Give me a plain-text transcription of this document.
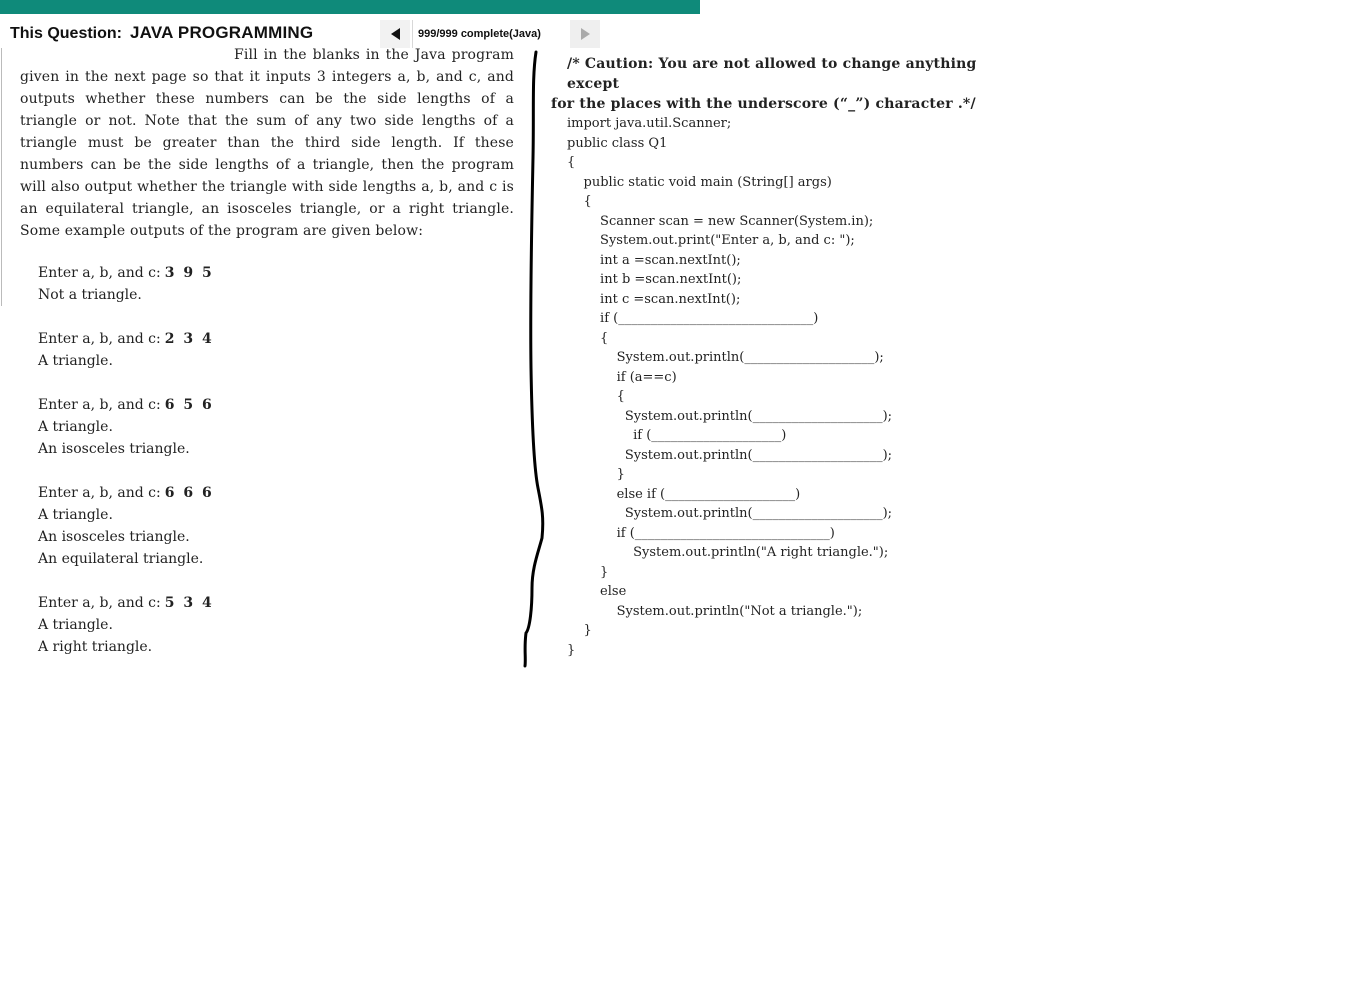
This Question: JAVA PROGRAMMING	999/999 complete(Java)

Fill in the blanks in the Java program given in the next page so that it inputs 3 integers a, b, and c, and outputs whether these numbers can be the side lengths of a triangle or not. Note that the sum of any two side lengths of a triangle must be greater than the third side length. If these numbers can be the side lengths of a triangle, then the program will also output whether the triangle with side lengths a, b, and c is an equilateral triangle, an isosceles triangle, or a right triangle. Some example outputs of the program are given below:

Enter a, b, and c: 3 9 5
Not a triangle.
Enter a, b, and c: 2 3 4
A triangle.
Enter a, b, and c: 6 5 6
A triangle.
An isosceles triangle.
Enter a, b, and c: 6 6 6
A triangle.
An isosceles triangle.
An equilateral triangle.
Enter a, b, and c: 5 3 4
A triangle.
A right triangle.
/* Caution: You are not allowed to change anything except
for the places with the underscore (“_”) character .*/
import java.util.Scanner;
public class Q1
{
public static void main (String[] args)
{
Scanner scan = new Scanner(System.in);
System.out.print("Enter a, b, and c: ");
int a =scan.nextInt();
int b =scan.nextInt();
int c =scan.nextInt();
if (______________________________)
{
System.out.println(____________________);
if (a==c)
{
System.out.println(____________________);
if (____________________)
System.out.println(____________________);
}
else if (____________________)
System.out.println(____________________);
if (______________________________)
System.out.println("A right triangle.");
}
else
System.out.println("Not a triangle.");
}
}
